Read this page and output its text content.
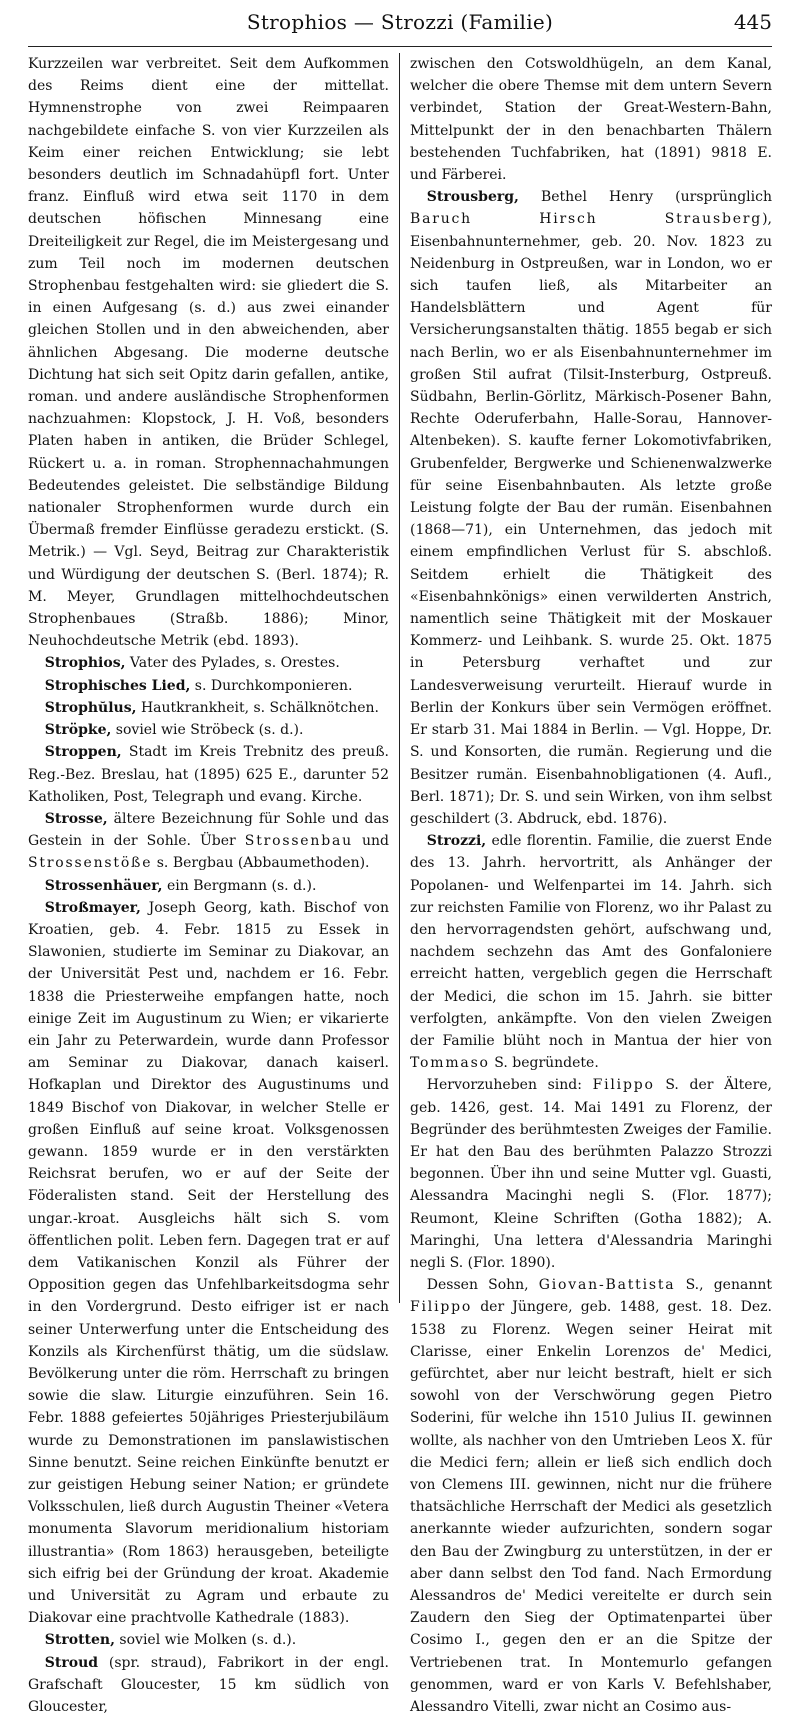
Strophios — Strozzi (Familie)	445

Kurzzeilen war verbreitet. Seit dem Aufkommen des Reims dient eine der mittellat. Hymnenstrophe von zwei Reimpaaren nachgebildete einfache S. von vier Kurzzeilen als Keim einer reichen Entwicklung; sie lebt besonders deutlich im Schnadahüpfl fort. Unter franz. Einfluß wird etwa seit 1170 in dem deutschen höfischen Minnesang eine Dreiteiligkeit zur Regel, die im Meistergesang und zum Teil noch im modernen deutschen Strophenbau festgehalten wird: sie gliedert die S. in einen Aufgesang (s. d.) aus zwei einander gleichen Stollen und in den abweichenden, aber ähnlichen Abgesang. Die moderne deutsche Dichtung hat sich seit Opitz darin gefallen, antike, roman. und andere ausländische Strophenformen nachzuahmen: Klopstock, J. H. Voß, besonders Platen haben in antiken, die Brüder Schlegel, Rückert u. a. in roman. Strophennachahmungen Bedeutendes geleistet. Die selbständige Bildung nationaler Strophenformen wurde durch ein Übermaß fremder Einflüsse geradezu erstickt. (S. Metrik.) — Vgl. Seyd, Beitrag zur Charakteristik und Würdigung der deutschen S. (Berl. 1874); R. M. Meyer, Grundlagen mittelhochdeutschen Strophenbaues (Straßb. 1886); Minor, Neuhochdeutsche Metrik (ebd. 1893).

Strophios, Vater des Pylades, s. Orestes.

Strophisches Lied, s. Durchkomponieren.

Strophŭlus, Hautkrankheit, s. Schälknötchen.

Ströpke, soviel wie Ströbeck (s. d.).

Stroppen, Stadt im Kreis Trebnitz des preuß. Reg.-Bez. Breslau, hat (1895) 625 E., darunter 52 Katholiken, Post, Telegraph und evang. Kirche.

Strosse, ältere Bezeichnung für Sohle und das Gestein in der Sohle. Über Strossenbau und Strossenstöße s. Bergbau (Abbaumethoden).

Strossenhäuer, ein Bergmann (s. d.).

Stroßmayer, Joseph Georg, kath. Bischof von Kroatien, geb. 4. Febr. 1815 zu Essek in Slawonien, studierte im Seminar zu Diakovar, an der Universität Pest und, nachdem er 16. Febr. 1838 die Priesterweihe empfangen hatte, noch einige Zeit im Augustinum zu Wien; er vikarierte ein Jahr zu Peterwardein, wurde dann Professor am Seminar zu Diakovar, danach kaiserl. Hofkaplan und Direktor des Augustinums und 1849 Bischof von Diakovar, in welcher Stelle er großen Einfluß auf seine kroat. Volksgenossen gewann. 1859 wurde er in den verstärkten Reichsrat berufen, wo er auf der Seite der Föderalisten stand. Seit der Herstellung des ungar.-kroat. Ausgleichs hält sich S. vom öffentlichen polit. Leben fern. Dagegen trat er auf dem Vatikanischen Konzil als Führer der Opposition gegen das Unfehlbarkeitsdogma sehr in den Vordergrund. Desto eifriger ist er nach seiner Unterwerfung unter die Entscheidung des Konzils als Kirchenfürst thätig, um die südslaw. Bevölkerung unter die röm. Herrschaft zu bringen sowie die slaw. Liturgie einzuführen. Sein 16. Febr. 1888 gefeiertes 50jähriges Priesterjubiläum wurde zu Demonstrationen im panslawistischen Sinne benutzt. Seine reichen Einkünfte benutzt er zur geistigen Hebung seiner Nation; er gründete Volksschulen, ließ durch Augustin Theiner «Vetera monumenta Slavorum meridionalium historiam illustrantia» (Rom 1863) herausgeben, beteiligte sich eifrig bei der Gründung der kroat. Akademie und Universität zu Agram und erbaute zu Diakovar eine prachtvolle Kathedrale (1883).

Strotten, soviel wie Molken (s. d.).

Stroud (spr. straud), Fabrikort in der engl. Grafschaft Gloucester, 15 km südlich von Gloucester,

zwischen den Cotswoldhügeln, an dem Kanal, welcher die obere Themse mit dem untern Severn verbindet, Station der Great-Western-Bahn, Mittelpunkt der in den benachbarten Thälern bestehenden Tuchfabriken, hat (1891) 9818 E. und Färberei.

Strousberg, Bethel Henry (ursprünglich Baruch Hirsch Strausberg), Eisenbahnunternehmer, geb. 20. Nov. 1823 zu Neidenburg in Ostpreußen, war in London, wo er sich taufen ließ, als Mitarbeiter an Handelsblättern und Agent für Versicherungsanstalten thätig. 1855 begab er sich nach Berlin, wo er als Eisenbahnunternehmer im großen Stil aufrat (Tilsit-Insterburg, Ostpreuß. Südbahn, Berlin-Görlitz, Märkisch-Posener Bahn, Rechte Oderuferbahn, Halle-Sorau, Hannover-Altenbeken). S. kaufte ferner Lokomotivfabriken, Grubenfelder, Bergwerke und Schienenwalzwerke für seine Eisenbahnbauten. Als letzte große Leistung folgte der Bau der rumän. Eisenbahnen (1868—71), ein Unternehmen, das jedoch mit einem empfindlichen Verlust für S. abschloß. Seitdem erhielt die Thätigkeit des «Eisenbahnkönigs» einen verwilderten Anstrich, namentlich seine Thätigkeit mit der Moskauer Kommerz- und Leihbank. S. wurde 25. Okt. 1875 in Petersburg verhaftet und zur Landesverweisung verurteilt. Hierauf wurde in Berlin der Konkurs über sein Vermögen eröffnet. Er starb 31. Mai 1884 in Berlin. — Vgl. Hoppe, Dr. S. und Konsorten, die rumän. Regierung und die Besitzer rumän. Eisenbahnobligationen (4. Aufl., Berl. 1871); Dr. S. und sein Wirken, von ihm selbst geschildert (3. Abdruck, ebd. 1876).

Strozzi, edle florentin. Familie, die zuerst Ende des 13. Jahrh. hervortritt, als Anhänger der Popolanen- und Welfenpartei im 14. Jahrh. sich zur reichsten Familie von Florenz, wo ihr Palast zu den hervorragendsten gehört, aufschwang und, nachdem sechzehn das Amt des Gonfaloniere erreicht hatten, vergeblich gegen die Herrschaft der Medici, die schon im 15. Jahrh. sie bitter verfolgten, ankämpfte. Von den vielen Zweigen der Familie blüht noch in Mantua der hier von Tommaso S. begründete.

Hervorzuheben sind: Filippo S. der Ältere, geb. 1426, gest. 14. Mai 1491 zu Florenz, der Begründer des berühmtesten Zweiges der Familie. Er hat den Bau des berühmten Palazzo Strozzi begonnen. Über ihn und seine Mutter vgl. Guasti, Alessandra Macinghi negli S. (Flor. 1877); Reumont, Kleine Schriften (Gotha 1882); A. Maringhi, Una lettera d'Alessandria Maringhi negli S. (Flor. 1890).

Dessen Sohn, Giovan-Battista S., genannt Filippo der Jüngere, geb. 1488, gest. 18. Dez. 1538 zu Florenz. Wegen seiner Heirat mit Clarisse, einer Enkelin Lorenzos de' Medici, gefürchtet, aber nur leicht bestraft, hielt er sich sowohl von der Verschwörung gegen Pietro Soderini, für welche ihn 1510 Julius II. gewinnen wollte, als nachher von den Umtrieben Leos X. für die Medici fern; allein er ließ sich endlich doch von Clemens III. gewinnen, nicht nur die frühere thatsächliche Herrschaft der Medici als gesetzlich anerkannte wieder aufzurichten, sondern sogar den Bau der Zwingburg zu unterstützen, in der er aber dann selbst den Tod fand. Nach Ermordung Alessandros de' Medici vereitelte er durch sein Zaudern den Sieg der Optimatenpartei über Cosimo I., gegen den er an die Spitze der Vertriebenen trat. In Montemurlo gefangen genommen, ward er von Karls V. Befehlshaber, Alessandro Vitelli, zwar nicht an Cosimo aus-
